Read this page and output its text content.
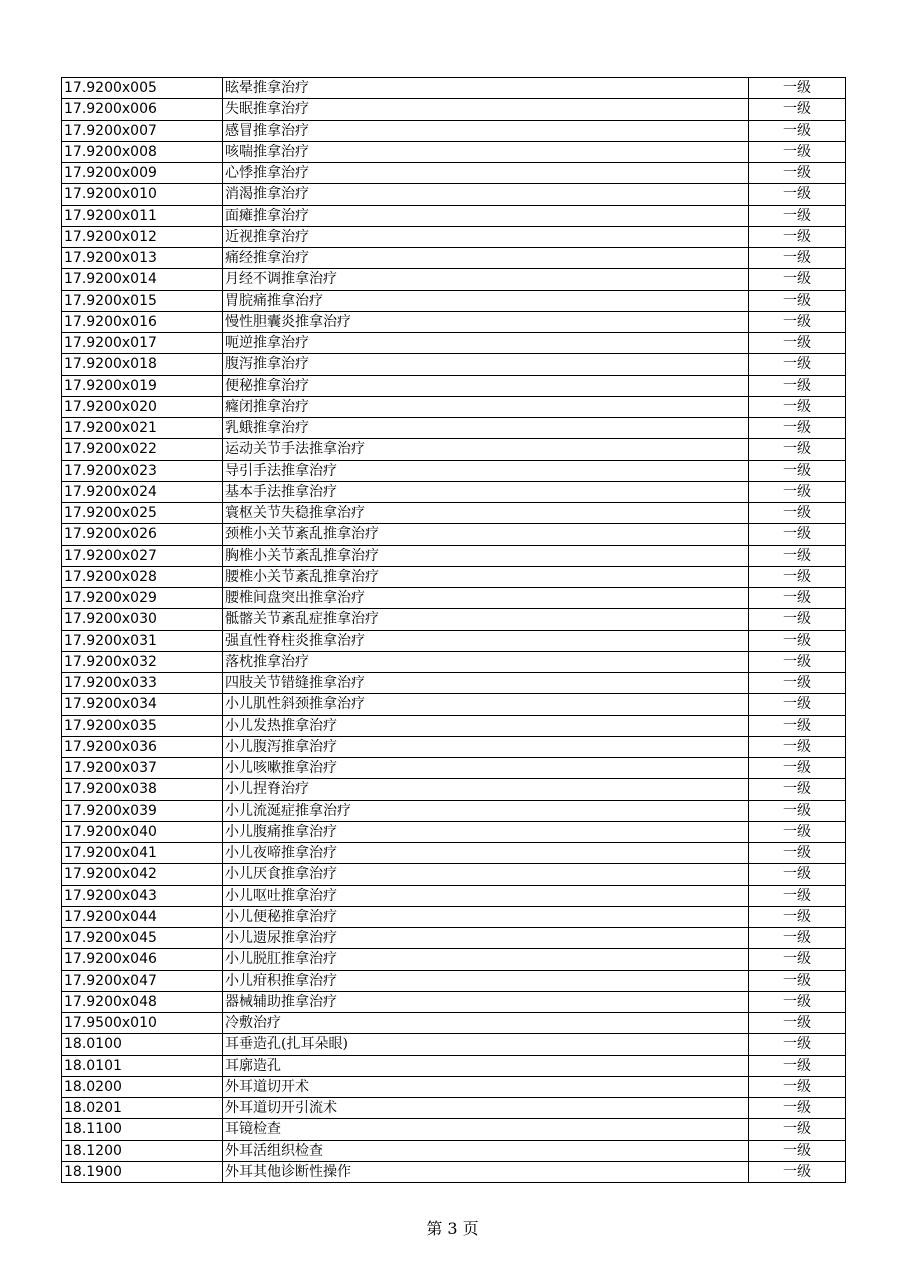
17.9200x005	眩晕推拿治疗	一级
17.9200x006	失眠推拿治疗	一级
17.9200x007	感冒推拿治疗	一级
17.9200x008	咳喘推拿治疗	一级
17.9200x009	心悸推拿治疗	一级
17.9200x010	消渴推拿治疗	一级
17.9200x011	面瘫推拿治疗	一级
17.9200x012	近视推拿治疗	一级
17.9200x013	痛经推拿治疗	一级
17.9200x014	月经不调推拿治疗	一级
17.9200x015	胃脘痛推拿治疗	一级
17.9200x016	慢性胆囊炎推拿治疗	一级
17.9200x017	呃逆推拿治疗	一级
17.9200x018	腹泻推拿治疗	一级
17.9200x019	便秘推拿治疗	一级
17.9200x020	癃闭推拿治疗	一级
17.9200x021	乳蛾推拿治疗	一级
17.9200x022	运动关节手法推拿治疗	一级
17.9200x023	导引手法推拿治疗	一级
17.9200x024	基本手法推拿治疗	一级
17.9200x025	寰枢关节失稳推拿治疗	一级
17.9200x026	颈椎小关节紊乱推拿治疗	一级
17.9200x027	胸椎小关节紊乱推拿治疗	一级
17.9200x028	腰椎小关节紊乱推拿治疗	一级
17.9200x029	腰椎间盘突出推拿治疗	一级
17.9200x030	骶髂关节紊乱症推拿治疗	一级
17.9200x031	强直性脊柱炎推拿治疗	一级
17.9200x032	落枕推拿治疗	一级
17.9200x033	四肢关节错缝推拿治疗	一级
17.9200x034	小儿肌性斜颈推拿治疗	一级
17.9200x035	小儿发热推拿治疗	一级
17.9200x036	小儿腹泻推拿治疗	一级
17.9200x037	小儿咳嗽推拿治疗	一级
17.9200x038	小儿捏脊治疗	一级
17.9200x039	小儿流涎症推拿治疗	一级
17.9200x040	小儿腹痛推拿治疗	一级
17.9200x041	小儿夜啼推拿治疗	一级
17.9200x042	小儿厌食推拿治疗	一级
17.9200x043	小儿呕吐推拿治疗	一级
17.9200x044	小儿便秘推拿治疗	一级
17.9200x045	小儿遗尿推拿治疗	一级
17.9200x046	小儿脱肛推拿治疗	一级
17.9200x047	小儿疳积推拿治疗	一级
17.9200x048	器械辅助推拿治疗	一级
17.9500x010	冷敷治疗	一级
18.0100	耳垂造孔(扎耳朵眼)	一级
18.0101	耳廓造孔	一级
18.0200	外耳道切开术	一级
18.0201	外耳道切开引流术	一级
18.1100	耳镜检查	一级
18.1200	外耳活组织检查	一级
18.1900	外耳其他诊断性操作	一级
第 3 页
